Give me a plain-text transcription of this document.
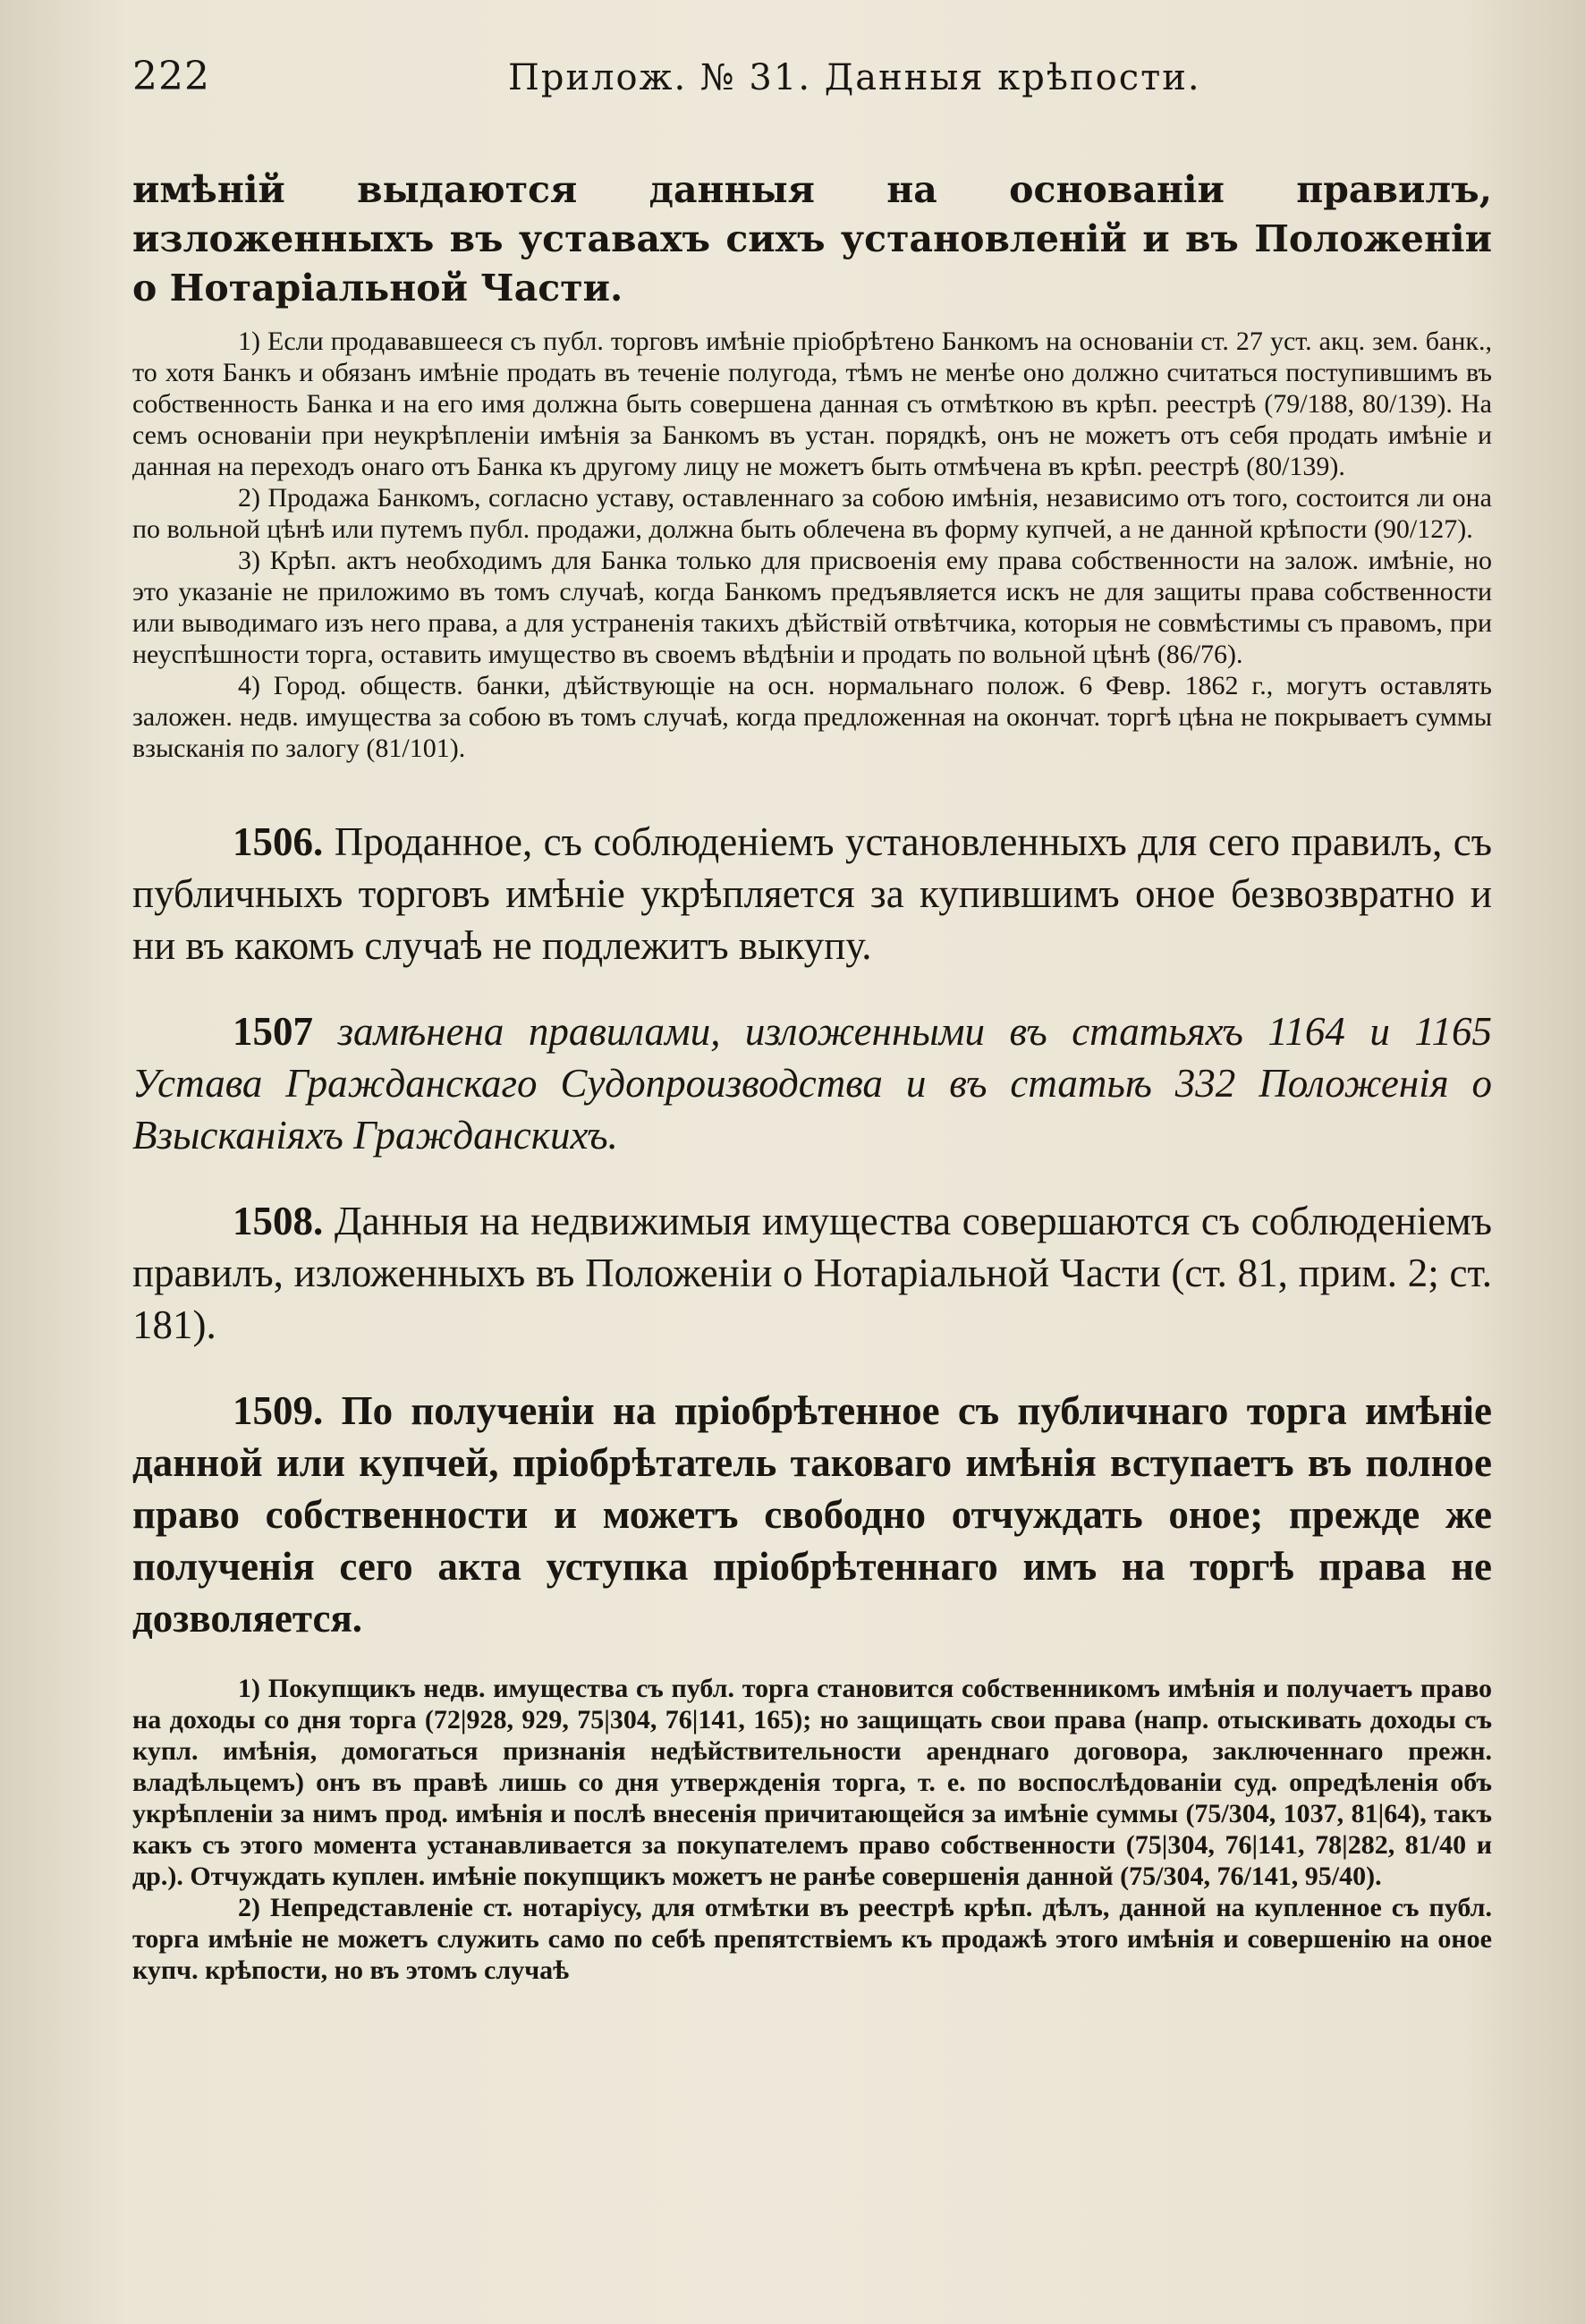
222	Прилож. № 31. Данныя крѣпости.

имѣній выдаются данныя на основаніи правилъ, изложенныхъ въ уставахъ сихъ установленій и въ Положеніи о Нотаріальной Части.

1) Если продававшееся съ публ. торговъ имѣніе пріобрѣтено Банкомъ на основаніи ст. 27 уст. акц. зем. банк., то хотя Банкъ и обязанъ имѣніе продать въ теченіе полугода, тѣмъ не менѣе оно должно считаться поступившимъ въ собственность Банка и на его имя должна быть совершена данная съ отмѣткою въ крѣп. реестрѣ (79/188, 80/139). На семъ основаніи при неукрѣпленіи имѣнія за Банкомъ въ устан. порядкѣ, онъ не можетъ отъ себя продать имѣніе и данная на переходъ онаго отъ Банка къ другому лицу не можетъ быть отмѣчена въ крѣп. реестрѣ (80/139).

2) Продажа Банкомъ, согласно уставу, оставленнаго за собою имѣнія, независимо отъ того, состоится ли она по вольной цѣнѣ или путемъ публ. продажи, должна быть облечена въ форму купчей, а не данной крѣпости (90/127).

3) Крѣп. актъ необходимъ для Банка только для присвоенія ему права собственности на залож. имѣніе, но это указаніе не приложимо въ томъ случаѣ, когда Банкомъ предъявляется искъ не для защиты права собственности или выводимаго изъ него права, а для устраненія такихъ дѣйствій отвѣтчика, которыя не совмѣстимы съ правомъ, при неуспѣшности торга, оставить имущество въ своемъ вѣдѣніи и продать по вольной цѣнѣ (86/76).

4) Город. обществ. банки, дѣйствующіе на осн. нормальнаго полож. 6 Февр. 1862 г., могутъ оставлять заложен. недв. имущества за собою въ томъ случаѣ, когда предложенная на окончат. торгѣ цѣна не покрываетъ суммы взысканія по залогу (81/101).

1506. Проданное, съ соблюденіемъ установленныхъ для сего правилъ, съ публичныхъ торговъ имѣніе укрѣпляется за купившимъ оное безвозвратно и ни въ какомъ случаѣ не подлежитъ выкупу.

1507 замѣнена правилами, изложенными въ статьяхъ 1164 и 1165 Устава Гражданскаго Судопроизводства и въ статьѣ 332 Положенія о Взысканіяхъ Гражданскихъ.

1508. Данныя на недвижимыя имущества совершаются съ соблюденіемъ правилъ, изложенныхъ въ Положеніи о Нотаріальной Части (ст. 81, прим. 2; ст. 181).

1509. По полученіи на пріобрѣтенное съ публичнаго торга имѣніе данной или купчей, пріобрѣтатель таковаго имѣнія вступаетъ въ полное право собственности и можетъ свободно отчуждать оное; прежде же полученія сего акта уступка пріобрѣтеннаго имъ на торгѣ права не дозволяется.

1) Покупщикъ недв. имущества съ публ. торга становится собственникомъ имѣнія и получаетъ право на доходы со дня торга (72|928, 929, 75|304, 76|141, 165); но защищать свои права (напр. отыскивать доходы съ купл. имѣнія, домогаться признанія недѣйствительности аренднаго договора, заключеннаго прежн. владѣльцемъ) онъ въ правѣ лишь со дня утвержденія торга, т. е. по воспослѣдованіи суд. опредѣленія объ укрѣпленіи за нимъ прод. имѣнія и послѣ внесенія причитающейся за имѣніе суммы (75/304, 1037, 81|64), такъ какъ съ этого момента устанавливается за покупателемъ право собственности (75|304, 76|141, 78|282, 81/40 и др.). Отчуждать куплен. имѣніе покупщикъ можетъ не ранѣе совершенія данной (75/304, 76/141, 95/40).

2) Непредставленіе ст. нотаріусу, для отмѣтки въ реестрѣ крѣп. дѣлъ, данной на купленное съ публ. торга имѣніе не можетъ служить само по себѣ препятствіемъ къ продажѣ этого имѣнія и совершенію на оное купч. крѣпости, но въ этомъ случаѣ
